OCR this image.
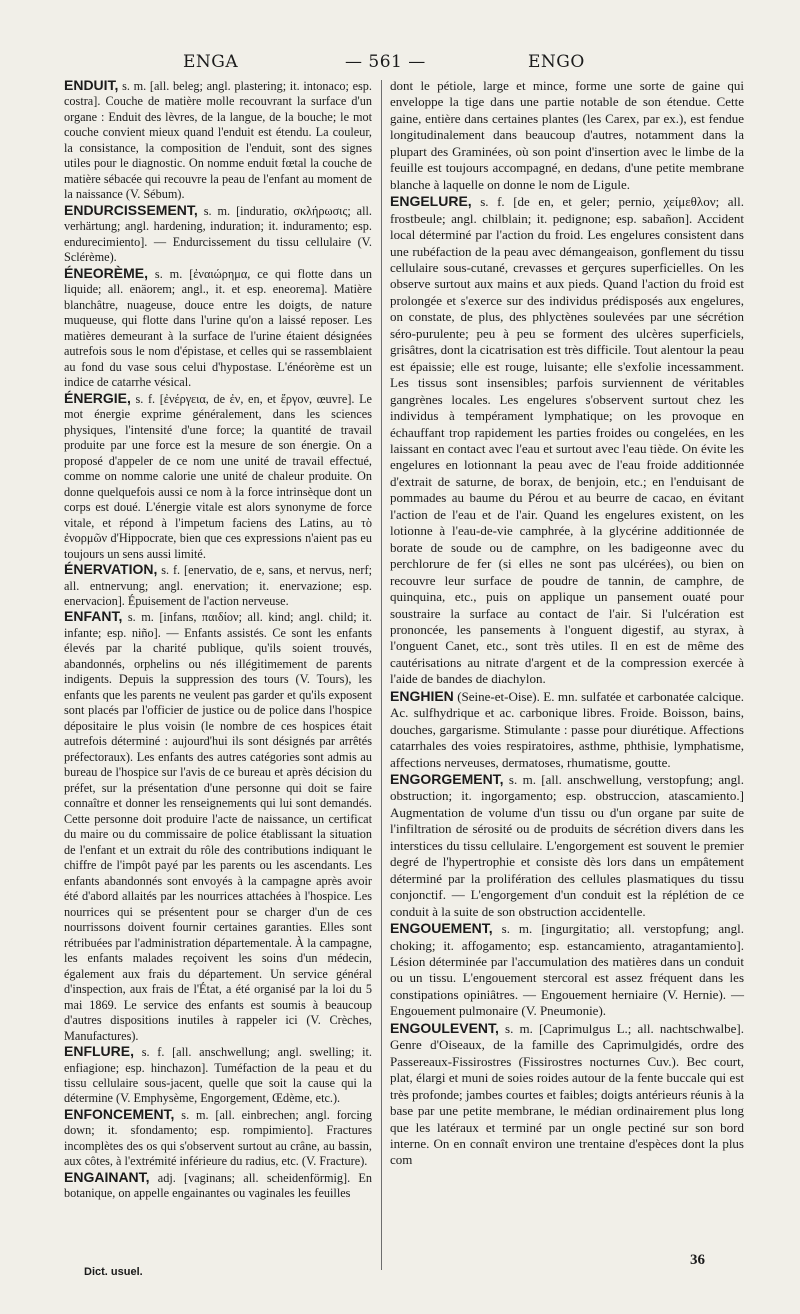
ENGA	— 561 —	ENGO

ENDUIT, s. m. [all. beleg; angl. plastering; it. intonaco; esp. costra]. Couche de matière molle recouvrant la surface d'un organe : Enduit des lèvres, de la langue, de la bouche; le mot couche convient mieux quand l'enduit est étendu. La couleur, la consistance, la composition de l'enduit, sont des signes utiles pour le diagnostic. On nomme enduit fœtal la couche de matière sébacée qui recouvre la peau de l'enfant au moment de la naissance (V. Sébum).

ENDURCISSEMENT, s. m. [induratio, σκλήρωσις; all. verhärtung; angl. hardening, induration; it. induramento; esp. endurecimiento]. — Endurcissement du tissu cellulaire (V. Sclérème).

ÉNEORÈME, s. m. [ἐναιώρημα, ce qui flotte dans un liquide; all. enäorem; angl., it. et esp. eneorema]. Matière blanchâtre, nuageuse, douce entre les doigts, de nature muqueuse, qui flotte dans l'urine qu'on a laissé reposer. Les matières demeurant à la surface de l'urine étaient désignées autrefois sous le nom d'épistase, et celles qui se rassemblaient au fond du vase sous celui d'hypostase. L'énéorème est un indice de catarrhe vésical.

ÉNERGIE, s. f. [ἐνέργεια, de ἐν, en, et ἔργον, œuvre]. Le mot énergie exprime généralement, dans les sciences physiques, l'intensité d'une force; la quantité de travail produite par une force est la mesure de son énergie. On a proposé d'appeler de ce nom une unité de travail effectué, comme on nomme calorie une unité de chaleur produite. On donne quelquefois aussi ce nom à la force intrinsèque dont un corps est doué. L'énergie vitale est alors synonyme de force vitale, et répond à l'impetum faciens des Latins, au τὸ ἐνορμῶν d'Hippocrate, bien que ces expressions n'aient pas eu toujours un sens aussi limité.

ÉNERVATION, s. f. [enervatio, de e, sans, et nervus, nerf; all. entnervung; angl. enervation; it. enervazione; esp. enervacion]. Épuisement de l'action nerveuse.

ENFANT, s. m. [infans, παιδίον; all. kind; angl. child; it. infante; esp. niño]. — Enfants assistés. Ce sont les enfants élevés par la charité publique, qu'ils soient trouvés, abandonnés, orphelins ou nés illégitimement de parents indigents. Depuis la suppression des tours (V. Tours), les enfants que les parents ne veulent pas garder et qu'ils exposent sont placés par l'officier de justice ou de police dans l'hospice dépositaire le plus voisin (le nombre de ces hospices était autrefois déterminé : aujourd'hui ils sont désignés par arrêtés préfectoraux). Les enfants des autres catégories sont admis au bureau de l'hospice sur l'avis de ce bureau et après décision du préfet, sur la présentation d'une personne qui doit se faire connaître et donner les renseignements qui lui sont demandés. Cette personne doit produire l'acte de naissance, un certificat du maire ou du commissaire de police établissant la situation de l'enfant et un extrait du rôle des contributions indiquant le chiffre de l'impôt payé par les parents ou les ascendants. Les enfants abandonnés sont envoyés à la campagne après avoir été d'abord allaités par les nourrices attachées à l'hospice. Les nourrices qui se présentent pour se charger d'un de ces nourrissons doivent fournir certaines garanties. Elles sont rétribuées par l'administration départementale. À la campagne, les enfants malades reçoivent les soins d'un médecin, également aux frais du département. Un service général d'inspection, aux frais de l'État, a été organisé par la loi du 5 mai 1869. Le service des enfants est soumis à beaucoup d'autres dispositions inutiles à rappeler ici (V. Crèches, Manufactures).

ENFLURE, s. f. [all. anschwellung; angl. swelling; it. enfiagione; esp. hinchazon]. Tuméfaction de la peau et du tissu cellulaire sous-jacent, quelle que soit la cause qui la détermine (V. Emphysème, Engorgement, Œdème, etc.).

ENFONCEMENT, s. m. [all. einbrechen; angl. forcing down; it. sfondamento; esp. rompimiento]. Fractures incomplètes des os qui s'observent surtout au crâne, au bassin, aux côtes, à l'extrémité inférieure du radius, etc. (V. Fracture).

ENGAINANT, adj. [vaginans; all. scheidenförmig]. En botanique, on appelle engainantes ou vaginales les feuilles

dont le pétiole, large et mince, forme une sorte de gaine qui enveloppe la tige dans une partie notable de son étendue. Cette gaine, entière dans certaines plantes (les Carex, par ex.), est fendue longitudinalement dans beaucoup d'autres, notamment dans la plupart des Graminées, où son point d'insertion avec le limbe de la feuille est toujours accompagné, en dedans, d'une petite membrane blanche à laquelle on donne le nom de Ligule.

ENGELURE, s. f. [de en, et geler; pernio, χείμεθλον; all. frostbeule; angl. chilblain; it. pedignone; esp. sabañon]. Accident local déterminé par l'action du froid. Les engelures consistent dans une rubéfaction de la peau avec démangeaison, gonflement du tissu cellulaire sous-cutané, crevasses et gerçures superficielles. On les observe surtout aux mains et aux pieds. Quand l'action du froid est prolongée et s'exerce sur des individus prédisposés aux engelures, on constate, de plus, des phlyctènes soulevées par une sécrétion séro-purulente; peu à peu se forment des ulcères superficiels, grisâtres, dont la cicatrisation est très difficile. Tout alentour la peau est épaissie; elle est rouge, luisante; elle s'exfolie incessamment. Les tissus sont insensibles; parfois surviennent de véritables gangrènes locales. Les engelures s'observent surtout chez les individus à tempérament lymphatique; on les provoque en échauffant trop rapidement les parties froides ou congelées, en les laissant en contact avec l'eau et surtout avec l'eau tiède. On évite les engelures en lotionnant la peau avec de l'eau froide additionnée d'extrait de saturne, de borax, de benjoin, etc.; en l'enduisant de pommades au baume du Pérou et au beurre de cacao, en évitant l'action de l'eau et de l'air. Quand les engelures existent, on les lotionne à l'eau-de-vie camphrée, à la glycérine additionnée de borate de soude ou de camphre, on les badigeonne avec du perchlorure de fer (si elles ne sont pas ulcérées), ou bien on recouvre leur surface de poudre de tannin, de camphre, de quinquina, etc., puis on applique un pansement ouaté pour soustraire la surface au contact de l'air. Si l'ulcération est prononcée, les pansements à l'onguent digestif, au styrax, à l'onguent Canet, etc., sont très utiles. Il en est de même des cautérisations au nitrate d'argent et de la compression exercée à l'aide de bandes de diachylon.

ENGHIEN (Seine-et-Oise). E. mn. sulfatée et carbonatée calcique. Ac. sulfhydrique et ac. carbonique libres. Froide. Boisson, bains, douches, gargarisme. Stimulante : passe pour diurétique. Affections catarrhales des voies respiratoires, asthme, phthisie, lymphatisme, affections nerveuses, dermatoses, rhumatisme, goutte.

ENGORGEMENT, s. m. [all. anschwellung, verstopfung; angl. obstruction; it. ingorgamento; esp. obstruccion, atascamiento.] Augmentation de volume d'un tissu ou d'un organe par suite de l'infiltration de sérosité ou de produits de sécrétion divers dans les interstices du tissu cellulaire. L'engorgement est souvent le premier degré de l'hypertrophie et consiste dès lors dans un empâtement déterminé par la prolifération des cellules plasmatiques du tissu conjonctif. — L'engorgement d'un conduit est la réplétion de ce conduit à la suite de son obstruction accidentelle.

ENGOUEMENT, s. m. [ingurgitatio; all. verstopfung; angl. choking; it. affogamento; esp. estancamiento, atragantamiento]. Lésion déterminée par l'accumulation des matières dans un conduit ou un tissu. L'engouement stercoral est assez fréquent dans les constipations opiniâtres. — Engouement herniaire (V. Hernie). — Engouement pulmonaire (V. Pneumonie).

ENGOULEVENT, s. m. [Caprimulgus L.; all. nachtschwalbe]. Genre d'Oiseaux, de la famille des Caprimulgidés, ordre des Passereaux-Fissirostres (Fissirostres nocturnes Cuv.). Bec court, plat, élargi et muni de soies roides autour de la fente buccale qui est très profonde; jambes courtes et faibles; doigts antérieurs réunis à la base par une petite membrane, le médian ordinairement plus long que les latéraux et terminé par un ongle pectiné sur son bord interne. On en connaît environ une trentaine d'espèces dont la plus com

Dict. usuel.
36
